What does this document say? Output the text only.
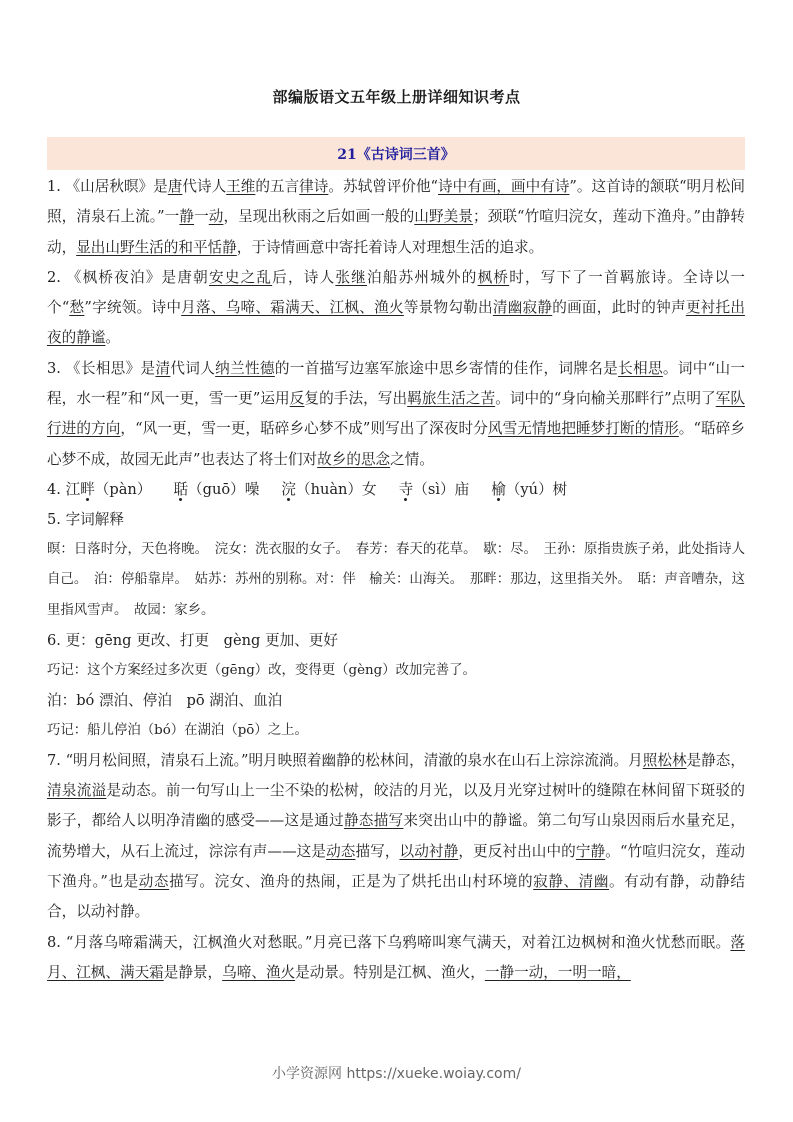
部编版语文五年级上册详细知识考点
21《古诗词三首》

1. 《山居秋暝》是唐代诗人王维的五言律诗。苏轼曾评价他“诗中有画，画中有诗”。这首诗的颔联“明月松间照，清泉石上流。”一静一动，呈现出秋雨之后如画一般的山野美景；颈联“竹喧归浣女，莲动下渔舟。”由静转动，显出山野生活的和平恬静，于诗情画意中寄托着诗人对理想生活的追求。

2. 《枫桥夜泊》是唐朝安史之乱后，诗人张继泊船苏州城外的枫桥时，写下了一首羁旅诗。全诗以一个“愁”字统领。诗中月落、乌啼、霜满天、江枫、渔火等景物勾勒出清幽寂静的画面，此时的钟声更衬托出夜的静谧。

3. 《长相思》是清代词人纳兰性德的一首描写边塞军旅途中思乡寄情的佳作，词牌名是长相思。词中“山一程，水一程”和“风一更，雪一更”运用反复的手法，写出羁旅生活之苦。词中的“身向榆关那畔行”点明了军队行进的方向，“风一更，雪一更，聒碎乡心梦不成”则写出了深夜时分风雪无情地把睡梦打断的情形。“聒碎乡心梦不成，故园无此声”也表达了将士们对故乡的思念之情。

4. 江畔（pàn） 聒（guō）噪 浣（huàn）女 寺（sì）庙 榆（yú）树

5. 字词解释

暝：日落时分，天色将晚。　浣女：洗衣服的女子。　春芳：春天的花草。　歇：尽。　王孙：原指贵族子弟，此处指诗人自己。　泊：停船靠岸。　姑苏：苏州的别称。对：伴　榆关：山海关。　那畔：那边，这里指关外。　聒：声音嘈杂，这里指风雪声。　故园：家乡。

6. 更：gēng 更改、打更　gèng 更加、更好

巧记：这个方案经过多次更（gēng）改，变得更（gèng）改加完善了。

泊：bó 漂泊、停泊　pō 湖泊、血泊

巧记：船儿停泊（bó）在湖泊（pō）之上。

7. “明月松间照，清泉石上流。”明月映照着幽静的松林间，清澈的泉水在山石上淙淙流淌。月照松林是静态，清泉流溢是动态。前一句写山上一尘不染的松树，皎洁的月光，以及月光穿过树叶的缝隙在林间留下斑驳的影子，都给人以明净清幽的感受——这是通过静态描写来突出山中的静谧。第二句写山泉因雨后水量充足，流势增大，从石上流过，淙淙有声——这是动态描写，以动衬静，更反衬出山中的宁静。“竹喧归浣女，莲动下渔舟。”也是动态描写。浣女、渔舟的热闹，正是为了烘托出山村环境的寂静、清幽。有动有静，动静结合，以动衬静。

8. “月落乌啼霜满天，江枫渔火对愁眠。”月亮已落下乌鸦啼叫寒气满天，对着江边枫树和渔火忧愁而眠。落月、江枫、满天霜是静景，乌啼、渔火是动景。特别是江枫、渔火，一静一动，一明一暗，

小学资源网 https://xueke.woiay.com/
